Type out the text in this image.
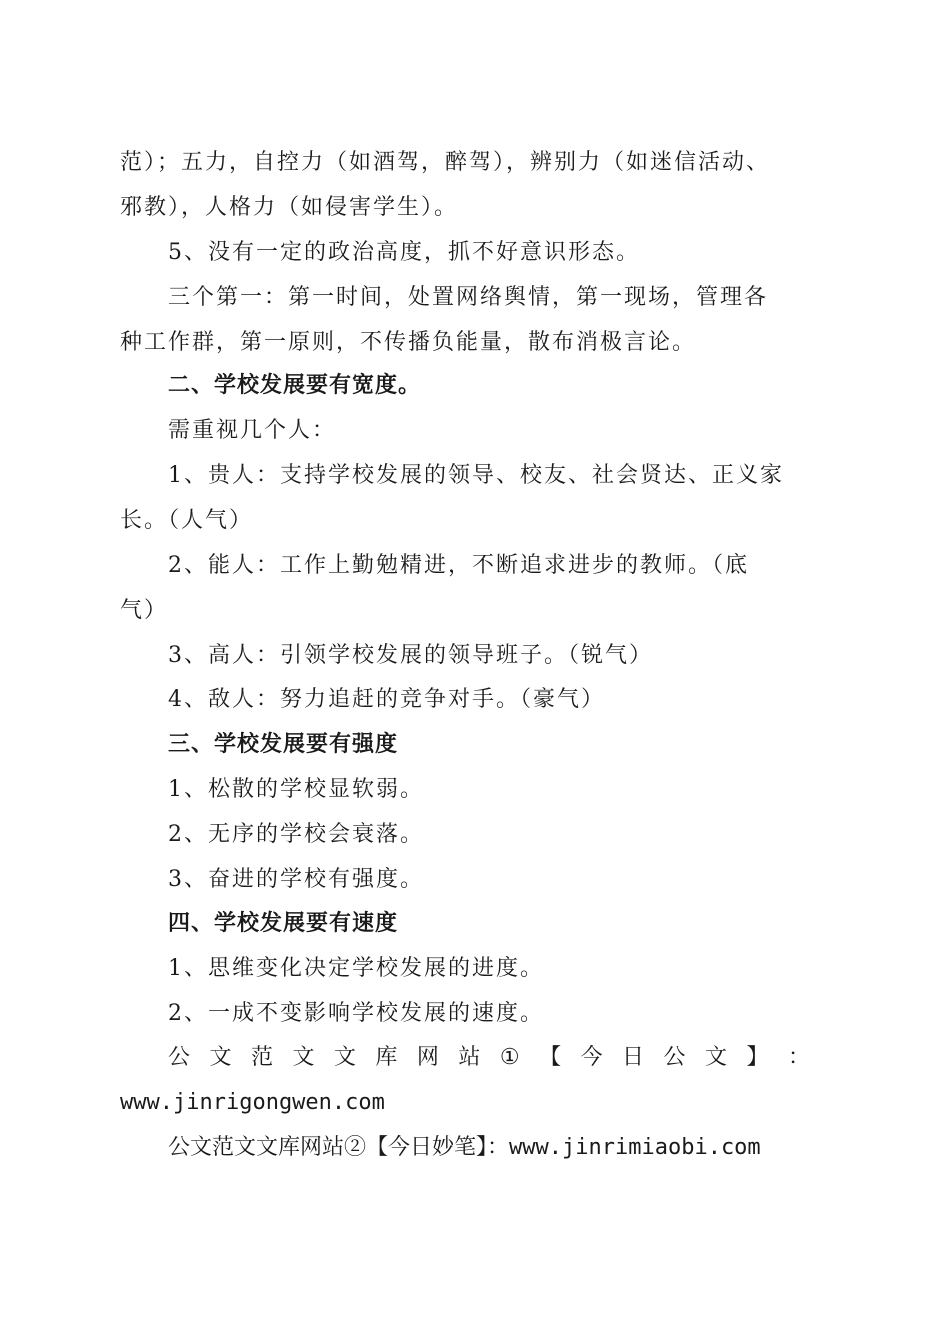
范）；五力，自控力（如酒驾，醉驾），辨别力（如迷信活动、
邪教），人格力（如侵害学生）。
5、没有一定的政治高度，抓不好意识形态。
三个第一：第一时间，处置网络舆情，第一现场，管理各
种工作群，第一原则，不传播负能量，散布消极言论。
二、学校发展要有宽度。
需重视几个人：
1、贵人：支持学校发展的领导、校友、社会贤达、正义家
长。（人气）
2、能人：工作上勤勉精进，不断追求进步的教师。（底
气）
3、高人：引领学校发展的领导班子。（锐气）
4、敌人：努力追赶的竞争对手。（豪气）
三、学校发展要有强度
1、松散的学校显软弱。
2、无序的学校会衰落。
3、奋进的学校有强度。
四、学校发展要有速度
1、思维变化决定学校发展的进度。
2、一成不变影响学校发展的速度。
公 文 范 文 文 库 网 站 ① 【 今 日 公 文 】 ：
www.jinrigongwen.com
公文范文文库网站②【今日妙笔】：www.jinrimiaobi.com
